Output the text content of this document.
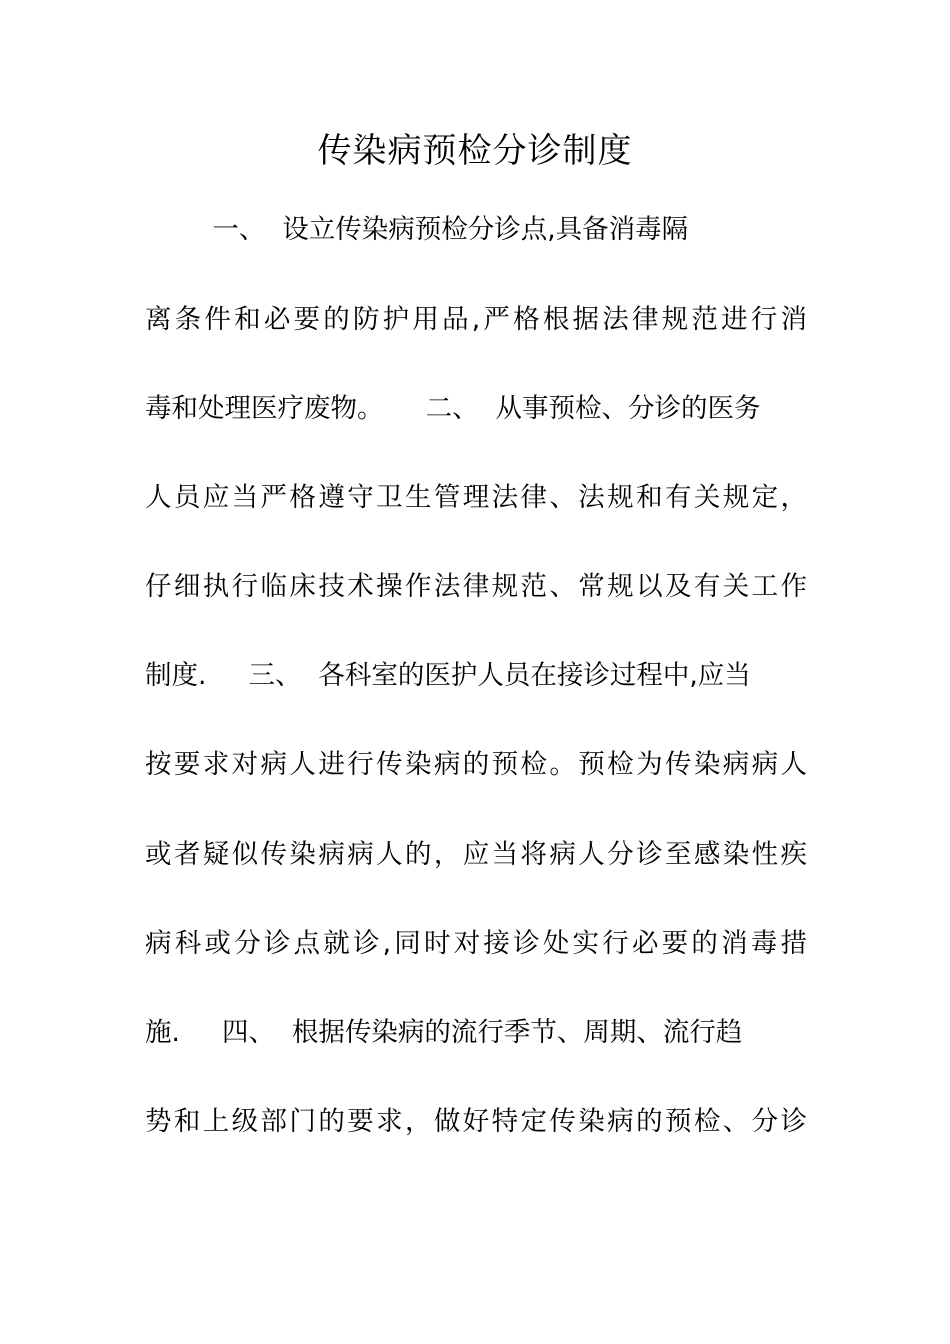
传染病预检分诊制度

一、  设立传染病预检分诊点,具备消毒隔

离条件和必要的防护用品,严格根据法律规范进行消

毒和处理医疗废物。     二、  从事预检、分诊的医务

人员应当严格遵守卫生管理法律、法规和有关规定，

仔细执行临床技术操作法律规范、常规以及有关工作

制度.     三、  各科室的医护人员在接诊过程中,应当

按要求对病人进行传染病的预检。预检为传染病病人

或者疑似传染病病人的，应当将病人分诊至感染性疾

病科或分诊点就诊,同时对接诊处实行必要的消毒措

施.     四、  根据传染病的流行季节、周期、流行趋

势和上级部门的要求，做好特定传染病的预检、分诊
